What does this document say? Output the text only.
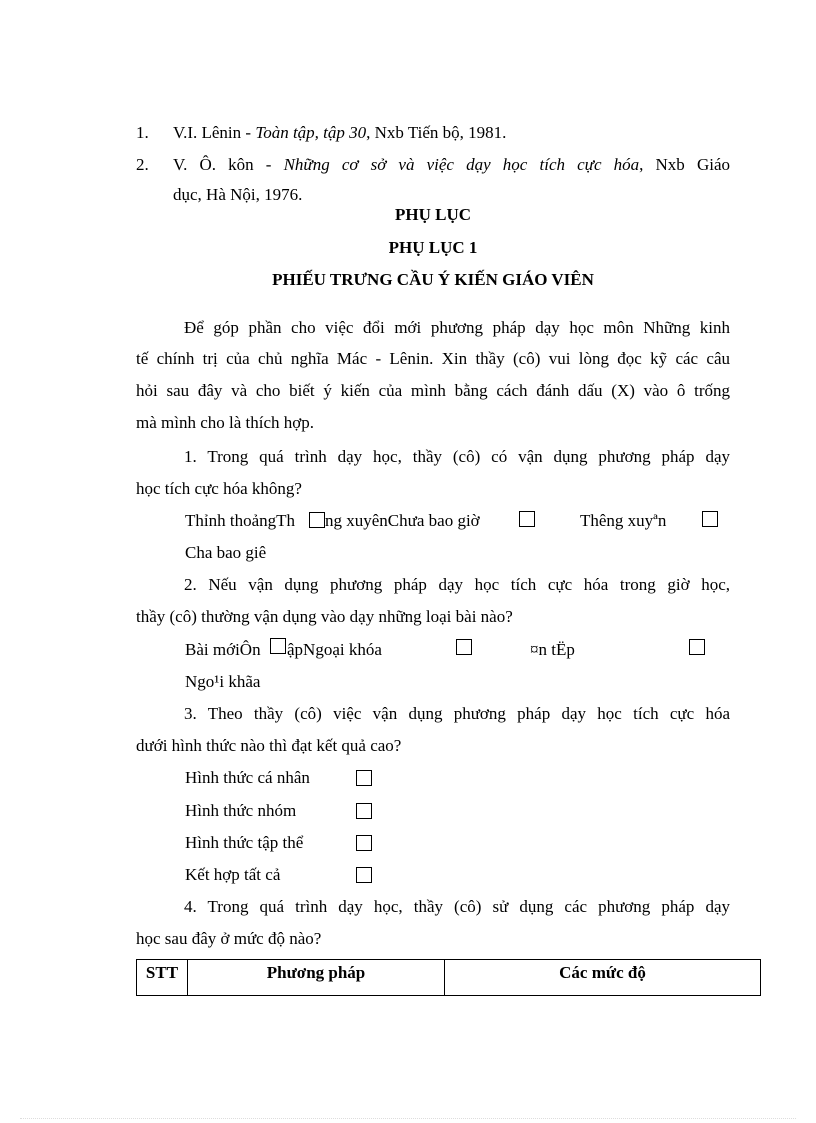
1. V.I. Lênin - Toàn tập, tập 30, Nxb Tiến bộ, 1981.
2. V. Ô. kôn - Những cơ sở và việc dạy học tích cực hóa, Nxb Giáo
dục, Hà Nội, 1976.
PHỤ LỤC
PHỤ LỤC 1
PHIẾU TRƯNG CẦU Ý KIẾN GIÁO VIÊN
Để góp phần cho việc đổi mới phương pháp dạy học môn Những kinh
tế chính trị của chủ nghĩa Mác - Lênin. Xin thầy (cô) vui lòng đọc kỹ các câu
hỏi sau đây và cho biết ý kiến của mình bằng cách đánh dấu (X) vào ô trống
mà mình cho là thích hợp.
1. Trong quá trình dạy học, thầy (cô) có vận dụng phương pháp dạy
học tích cực hóa không?
Thỉnh thoảngTh ng xuyênChưa bao giờ	Thêng xuyªn
Cha bao giê
2. Nếu vận dụng phương pháp dạy học tích cực hóa trong giờ học,
thầy (cô) thường vận dụng vào dạy những loại bài nào?
Bài mớiÔn ậpNgoại khóa	¤n tËp
Ngo¹i khãa
3. Theo thầy (cô) việc vận dụng phương pháp dạy học tích cực hóa
dưới hình thức nào thì đạt kết quả cao?
Hình thức cá nhân
Hình thức nhóm
Hình thức tập thể
Kết hợp tất cả
4. Trong quá trình dạy học, thầy (cô) sử dụng các phương pháp dạy
học sau đây ở mức độ nào?
STT	Phương pháp	Các mức độ
